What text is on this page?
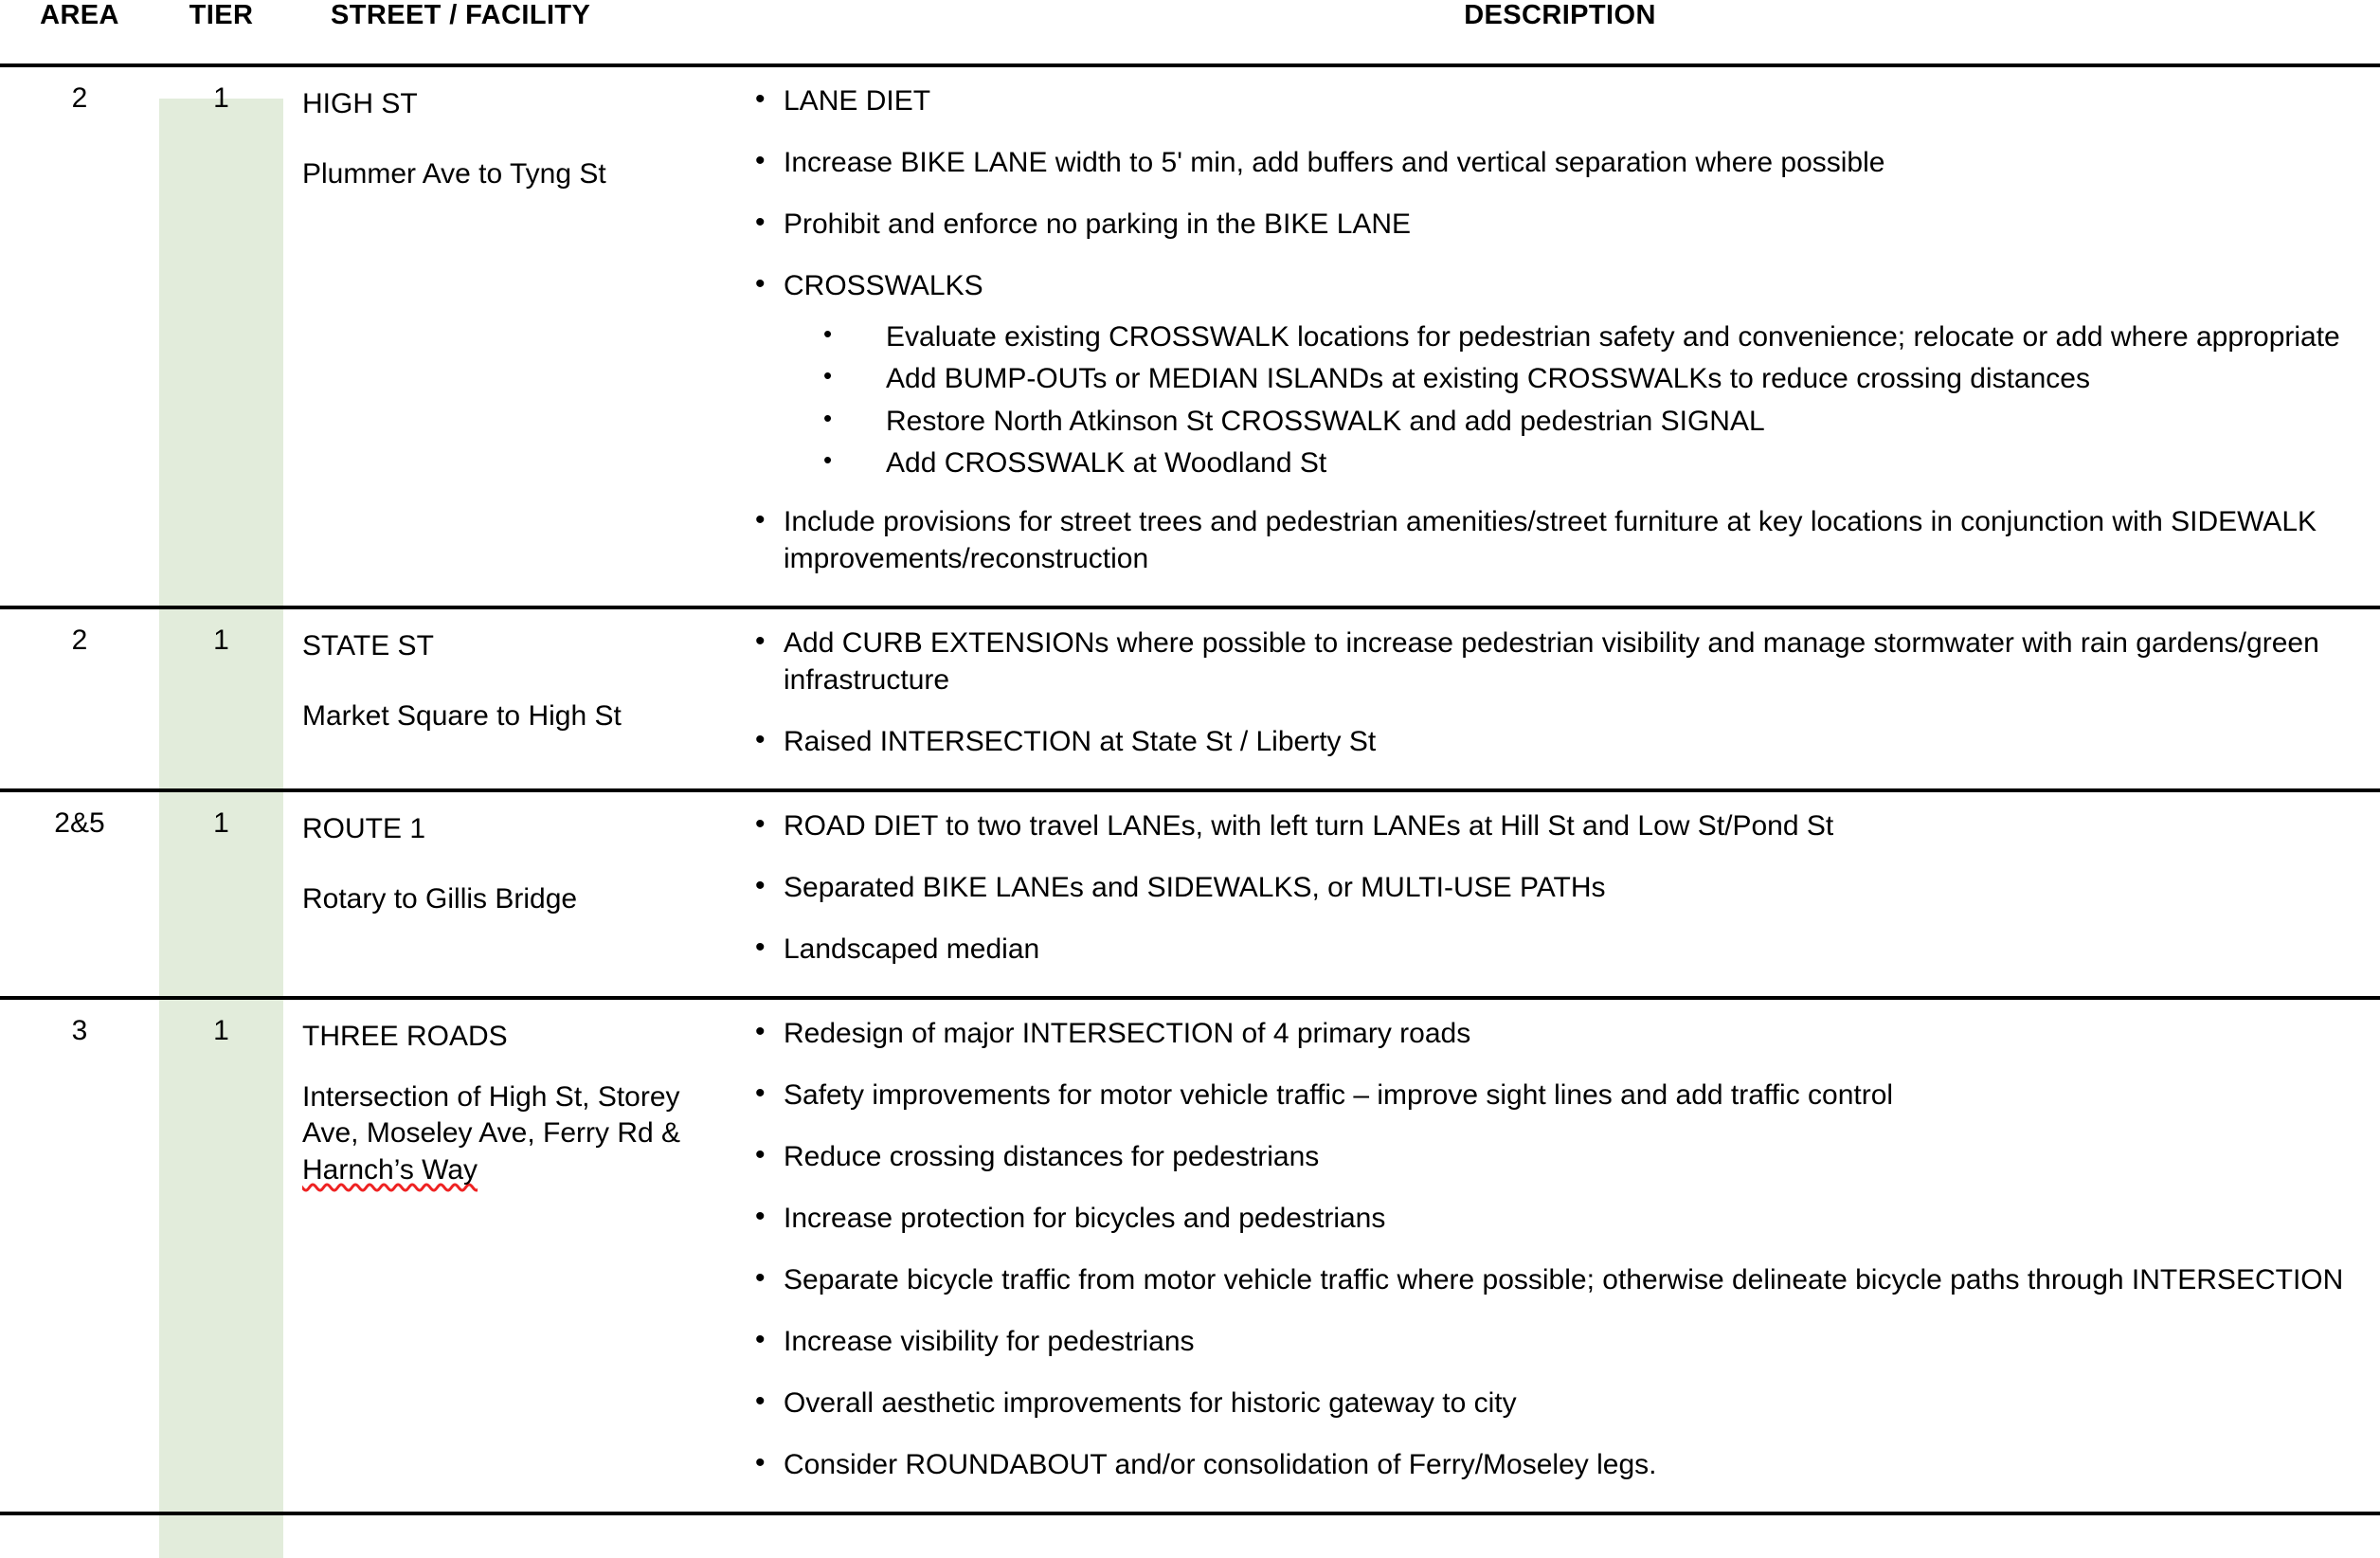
AREA	TIER	STREET / FACILITY	DESCRIPTION
2	1	HIGH ST
Plummer Ave to Tyng St

• LANE DIET
• Increase BIKE LANE width to 5' min, add buffers and vertical separation where possible
• Prohibit and enforce no parking in the BIKE LANE
• CROSSWALKS
• Evaluate existing CROSSWALK locations for pedestrian safety and convenience; relocate or add where appropriate
• Add BUMP-OUTs or MEDIAN ISLANDs at existing CROSSWALKs to reduce crossing distances
• Restore North Atkinson St CROSSWALK and add pedestrian SIGNAL
• Add CROSSWALK at Woodland St
• Include provisions for street trees and pedestrian amenities/street furniture at key locations in conjunction with SIDEWALK improvements/reconstruction

2	1	STATE ST
Market Square to High St

• Add CURB EXTENSIONs where possible to increase pedestrian visibility and manage stormwater with rain gardens/green infrastructure
• Raised INTERSECTION at State St / Liberty St

2&5	1	ROUTE 1
Rotary to Gillis Bridge

• ROAD DIET to two travel LANEs, with left turn LANEs at Hill St and Low St/Pond St
• Separated BIKE LANEs and SIDEWALKS, or MULTI-USE PATHs
• Landscaped median

3	1	THREE ROADS
Intersection of High St, Storey Ave, Moseley Ave, Ferry Rd & Harnch’s Way

• Redesign of major INTERSECTION of 4 primary roads
• Safety improvements for motor vehicle traffic – improve sight lines and add traffic control
• Reduce crossing distances for pedestrians
• Increase protection for bicycles and pedestrians
• Separate bicycle traffic from motor vehicle traffic where possible; otherwise delineate bicycle paths through INTERSECTION
• Increase visibility for pedestrians
• Overall aesthetic improvements for historic gateway to city
• Consider ROUNDABOUT and/or consolidation of Ferry/Moseley legs.
